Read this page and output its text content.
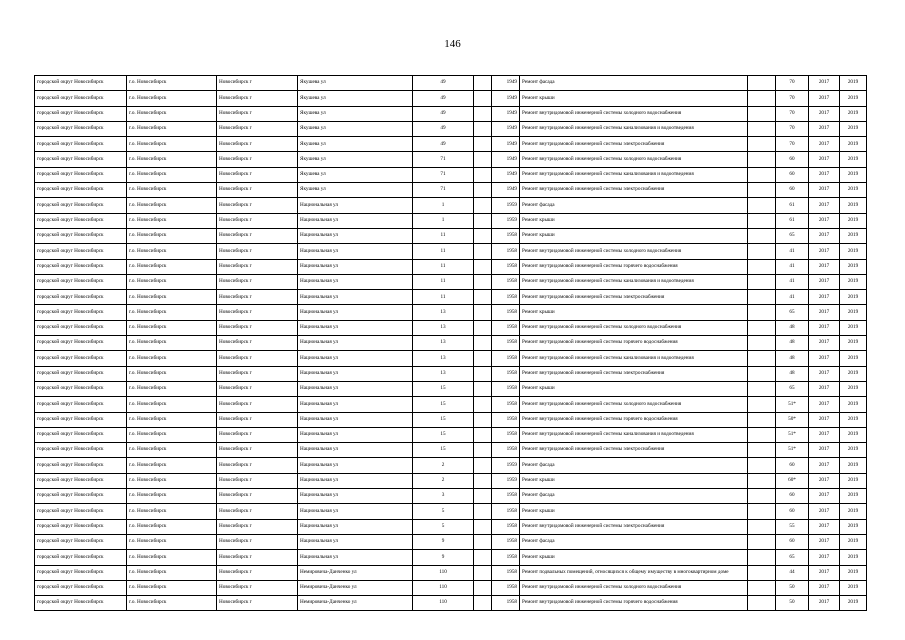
146
городской округ Новосибирск	г.о. Новосибирск	Новосибирск г	Якушева ул	49		1949	Ремонт фасада		70	2017	2019
городской округ Новосибирск	г.о. Новосибирск	Новосибирск г	Якушева ул	49		1949	Ремонт крыши		70	2017	2019
городской округ Новосибирск	г.о. Новосибирск	Новосибирск г	Якушева ул	49		1949	Ремонт внутридомовой инженерной системы холодного водоснабжения		70	2017	2019
городской округ Новосибирск	г.о. Новосибирск	Новосибирск г	Якушева ул	49		1949	Ремонт внутридомовой инженерной системы канализования и водоотведения		70	2017	2019
городской округ Новосибирск	г.о. Новосибирск	Новосибирск г	Якушева ул	49		1949	Ремонт внутридомовой инженерной системы электроснабжения		70	2017	2019
городской округ Новосибирск	г.о. Новосибирск	Новосибирск г	Якушева ул	71		1949	Ремонт внутридомовой инженерной системы холодного водоснабжения		60	2017	2019
городской округ Новосибирск	г.о. Новосибирск	Новосибирск г	Якушева ул	71		1949	Ремонт внутридомовой инженерной системы канализования и водоотведения		60	2017	2019
городской округ Новосибирск	г.о. Новосибирск	Новосибирск г	Якушева ул	71		1949	Ремонт внутридомовой инженерной системы электроснабжения		60	2017	2019
городской округ Новосибирск	г.о. Новосибирск	Новосибирск г	Национальная ул	1		1959	Ремонт фасада		61	2017	2019
городской округ Новосибирск	г.о. Новосибирск	Новосибирск г	Национальная ул	1		1959	Ремонт крыши		61	2017	2019
городской округ Новосибирск	г.о. Новосибирск	Новосибирск г	Национальная ул	11		1958	Ремонт крыши		65	2017	2019
городской округ Новосибирск	г.о. Новосибирск	Новосибирск г	Национальная ул	11		1958	Ремонт внутридомовой инженерной системы холодного водоснабжения		41	2017	2019
городской округ Новосибирск	г.о. Новосибирск	Новосибирск г	Национальная ул	11		1958	Ремонт внутридомовой инженерной системы горячего водоснабжения		41	2017	2019
городской округ Новосибирск	г.о. Новосибирск	Новосибирск г	Национальная ул	11		1958	Ремонт внутридомовой инженерной системы канализования и водоотведения		41	2017	2019
городской округ Новосибирск	г.о. Новосибирск	Новосибирск г	Национальная ул	11		1958	Ремонт внутридомовой инженерной системы электроснабжения		41	2017	2019
городской округ Новосибирск	г.о. Новосибирск	Новосибирск г	Национальная ул	13		1958	Ремонт крыши		65	2017	2019
городской округ Новосибирск	г.о. Новосибирск	Новосибирск г	Национальная ул	13		1958	Ремонт внутридомовой инженерной системы холодного водоснабжения		48	2017	2019
городской округ Новосибирск	г.о. Новосибирск	Новосибирск г	Национальная ул	13		1958	Ремонт внутридомовой инженерной системы горячего водоснабжения		48	2017	2019
городской округ Новосибирск	г.о. Новосибирск	Новосибирск г	Национальная ул	13		1958	Ремонт внутридомовой инженерной системы канализования и водоотведения		48	2017	2019
городской округ Новосибирск	г.о. Новосибирск	Новосибирск г	Национальная ул	13		1958	Ремонт внутридомовой инженерной системы электроснабжения		48	2017	2019
городской округ Новосибирск	г.о. Новосибирск	Новосибирск г	Национальная ул	15		1958	Ремонт крыши		65	2017	2019
городской округ Новосибирск	г.о. Новосибирск	Новосибирск г	Национальная ул	15		1958	Ремонт внутридомовой инженерной системы холодного водоснабжения		51*	2017	2019
городской округ Новосибирск	г.о. Новосибирск	Новосибирск г	Национальная ул	15		1958	Ремонт внутридомовой инженерной системы горячего водоснабжения		50*	2017	2019
городской округ Новосибирск	г.о. Новосибирск	Новосибирск г	Национальная ул	15		1958	Ремонт внутридомовой инженерной системы канализования и водоотведения		51*	2017	2019
городской округ Новосибирск	г.о. Новосибирск	Новосибирск г	Национальная ул	15		1958	Ремонт внутридомовой инженерной системы электроснабжения		51*	2017	2019
городской округ Новосибирск	г.о. Новосибирск	Новосибирск г	Национальная ул	2		1959	Ремонт фасада		60	2017	2019
городской округ Новосибирск	г.о. Новосибирск	Новосибирск г	Национальная ул	2		1959	Ремонт крыши		60*	2017	2019
городской округ Новосибирск	г.о. Новосибирск	Новосибирск г	Национальная ул	3		1958	Ремонт фасада		60	2017	2019
городской округ Новосибирск	г.о. Новосибирск	Новосибирск г	Национальная ул	5		1958	Ремонт крыши		60	2017	2019
городской округ Новосибирск	г.о. Новосибирск	Новосибирск г	Национальная ул	5		1958	Ремонт внутридомовой инженерной системы электроснабжения		55	2017	2019
городской округ Новосибирск	г.о. Новосибирск	Новосибирск г	Национальная ул	9		1958	Ремонт фасада		60	2017	2019
городской округ Новосибирск	г.о. Новосибирск	Новосибирск г	Национальная ул	9		1958	Ремонт крыши		65	2017	2019
городской округ Новосибирск	г.о. Новосибирск	Новосибирск г	Немировича-Данченко ул	110		1958	Ремонт подвальных помещений, относящихся к общему имуществу в многоквартирном доме		44	2017	2019
городской округ Новосибирск	г.о. Новосибирск	Новосибирск г	Немировича-Данченко ул	110		1958	Ремонт внутридомовой инженерной системы холодного водоснабжения		50	2017	2019
городской округ Новосибирск	г.о. Новосибирск	Новосибирск г	Немировича-Данченко ул	110		1958	Ремонт внутридомовой инженерной системы горячего водоснабжения		50	2017	2019
